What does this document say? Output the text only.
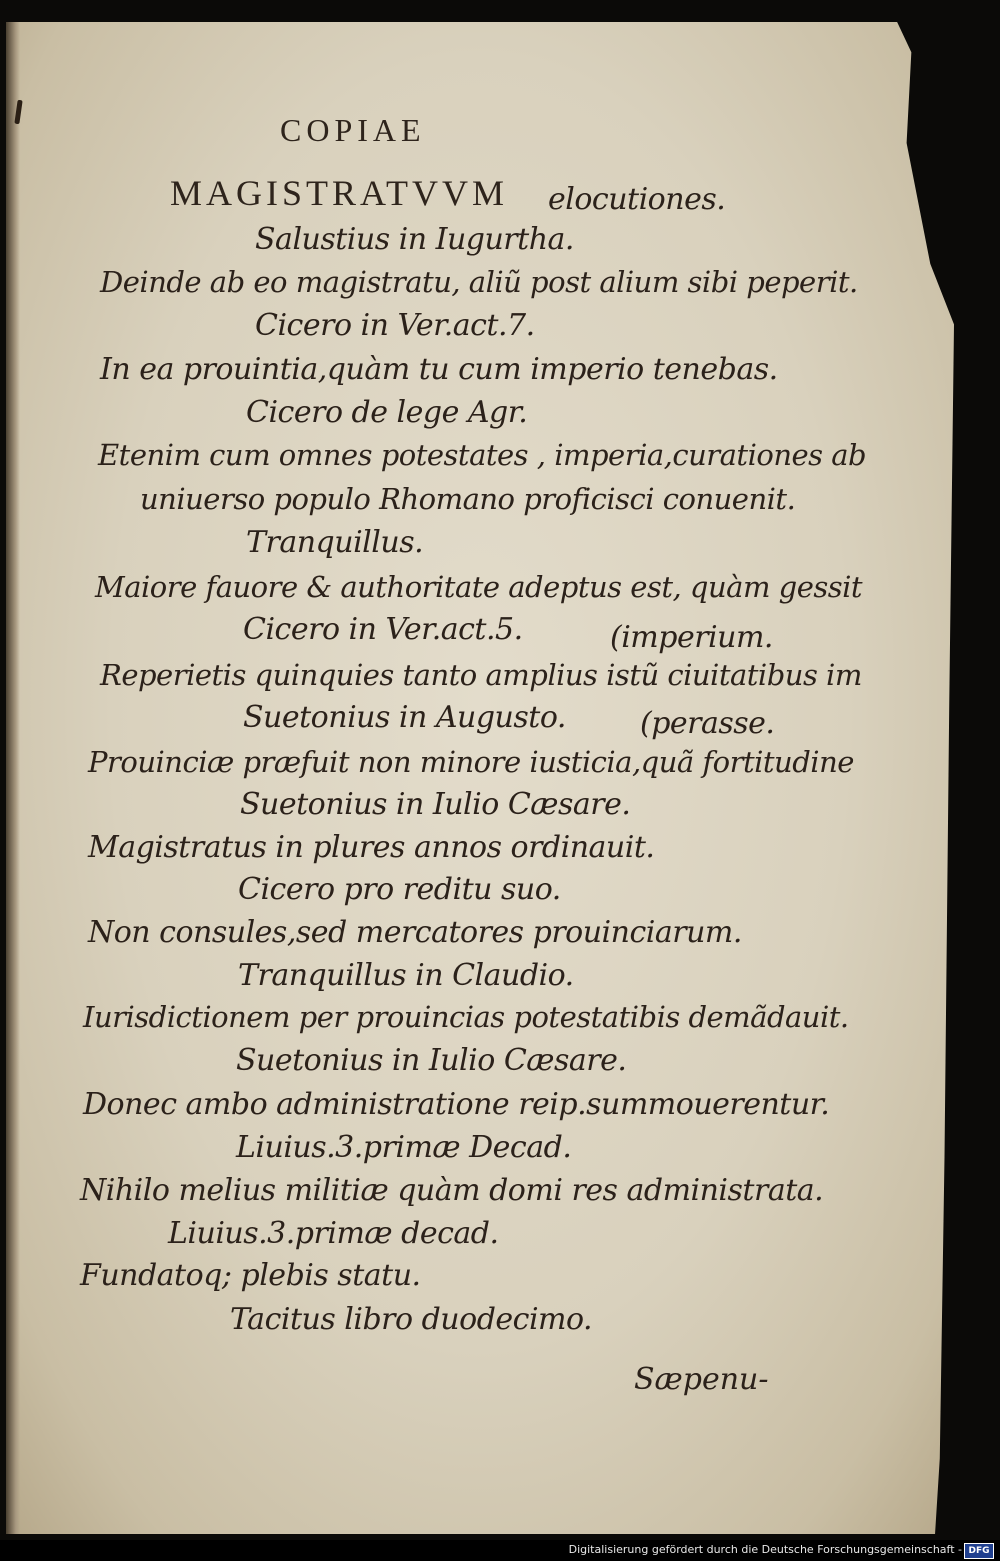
COPIAE
MAGISTRATVVM elocutiones.
Salustius in Iugurtha.
Deinde ab eo magistratu, aliũ post alium sibi peperit.
Cicero in Ver.act.7.
In ea prouintia,quàm tu cum imperio tenebas.
Cicero de lege Agr.
Etenim cum omnes potestates , imperia,curationes ab
uniuerso populo Rhomano proficisci conuenit.
Tranquillus.
Maiore fauore & authoritate adeptus est, quàm gessit
Cicero in Ver.act.5.	(imperium.
Reperietis quinquies tanto amplius istũ ciuitatibus im
Suetonius in Augusto. (perasse.
Prouinciæ præfuit non minore iusticia,quã fortitudine
Suetonius in Iulio Cæsare.
Magistratus in plures annos ordinauit.
Cicero pro reditu suo.
Non consules,sed mercatores prouinciarum.
Tranquillus in Claudio.
Iurisdictionem per prouincias potestatibis demãdauit.
Suetonius in Iulio Cæsare.
Donec ambo administratione reip.summouerentur.
Liuius.3.primæ Decad.
Nihilo melius militiæ quàm domi res administrata.
Liuius.3.primæ decad.
Fundatoq; plebis statu.
Tacitus libro duodecimo.
Sæpenu-
Digitalisierung gefördert durch die Deutsche Forschungsgemeinschaft - DFG
